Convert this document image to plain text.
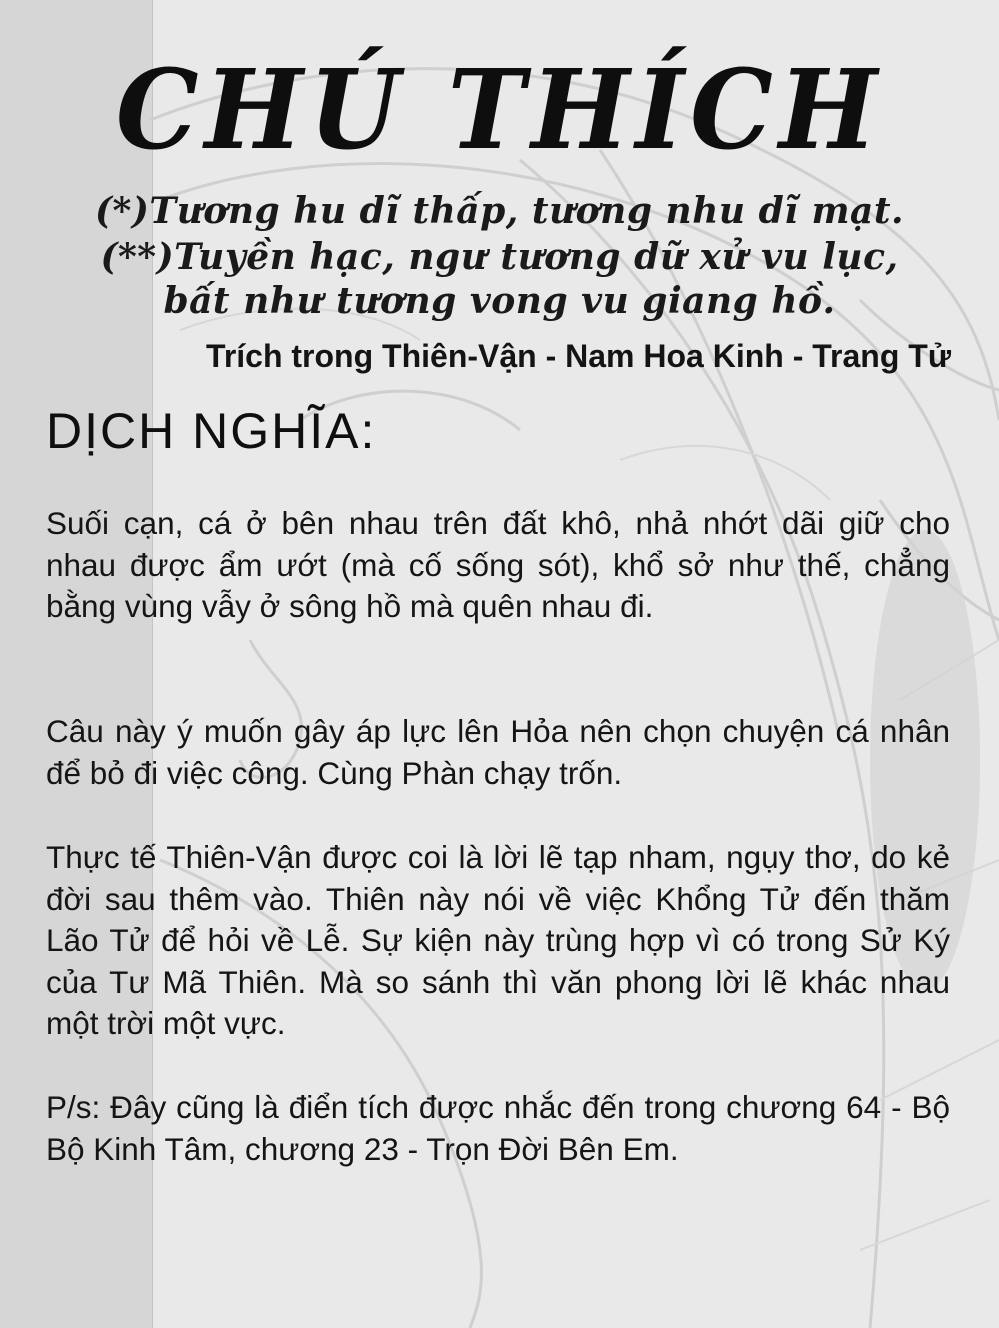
CHÚ THÍCH
(*)Tương hu dĩ thấp, tương nhu dĩ mạt.
(**)Tuyền hạc, ngư tương dữ xử vu lục,
bất như tương vong vu giang hồ.
Trích trong Thiên-Vận - Nam Hoa Kinh - Trang Tử
DỊCH NGHĨA:
Suối cạn, cá ở bên nhau trên đất khô, nhả nhớt dãi giữ cho nhau được ẩm ướt (mà cố sống sót), khổ sở như thế, chẳng bằng vùng vẫy ở sông hồ mà quên nhau đi.
Câu này ý muốn gây áp lực lên Hỏa nên chọn chuyện cá nhân để bỏ đi việc công. Cùng Phàn chạy trốn.
Thực tế Thiên-Vận được coi là lời lẽ tạp nham, ngụy thơ, do kẻ đời sau thêm vào. Thiên này nói về việc Khổng Tử đến thăm Lão Tử để hỏi về Lễ. Sự kiện này trùng hợp vì có trong Sử Ký của Tư Mã Thiên. Mà so sánh thì văn phong lời lẽ khác nhau một trời một vực.
P/s: Đây cũng là điển tích được nhắc đến trong chương 64 - Bộ Bộ Kinh Tâm, chương 23 - Trọn Đời Bên Em.
